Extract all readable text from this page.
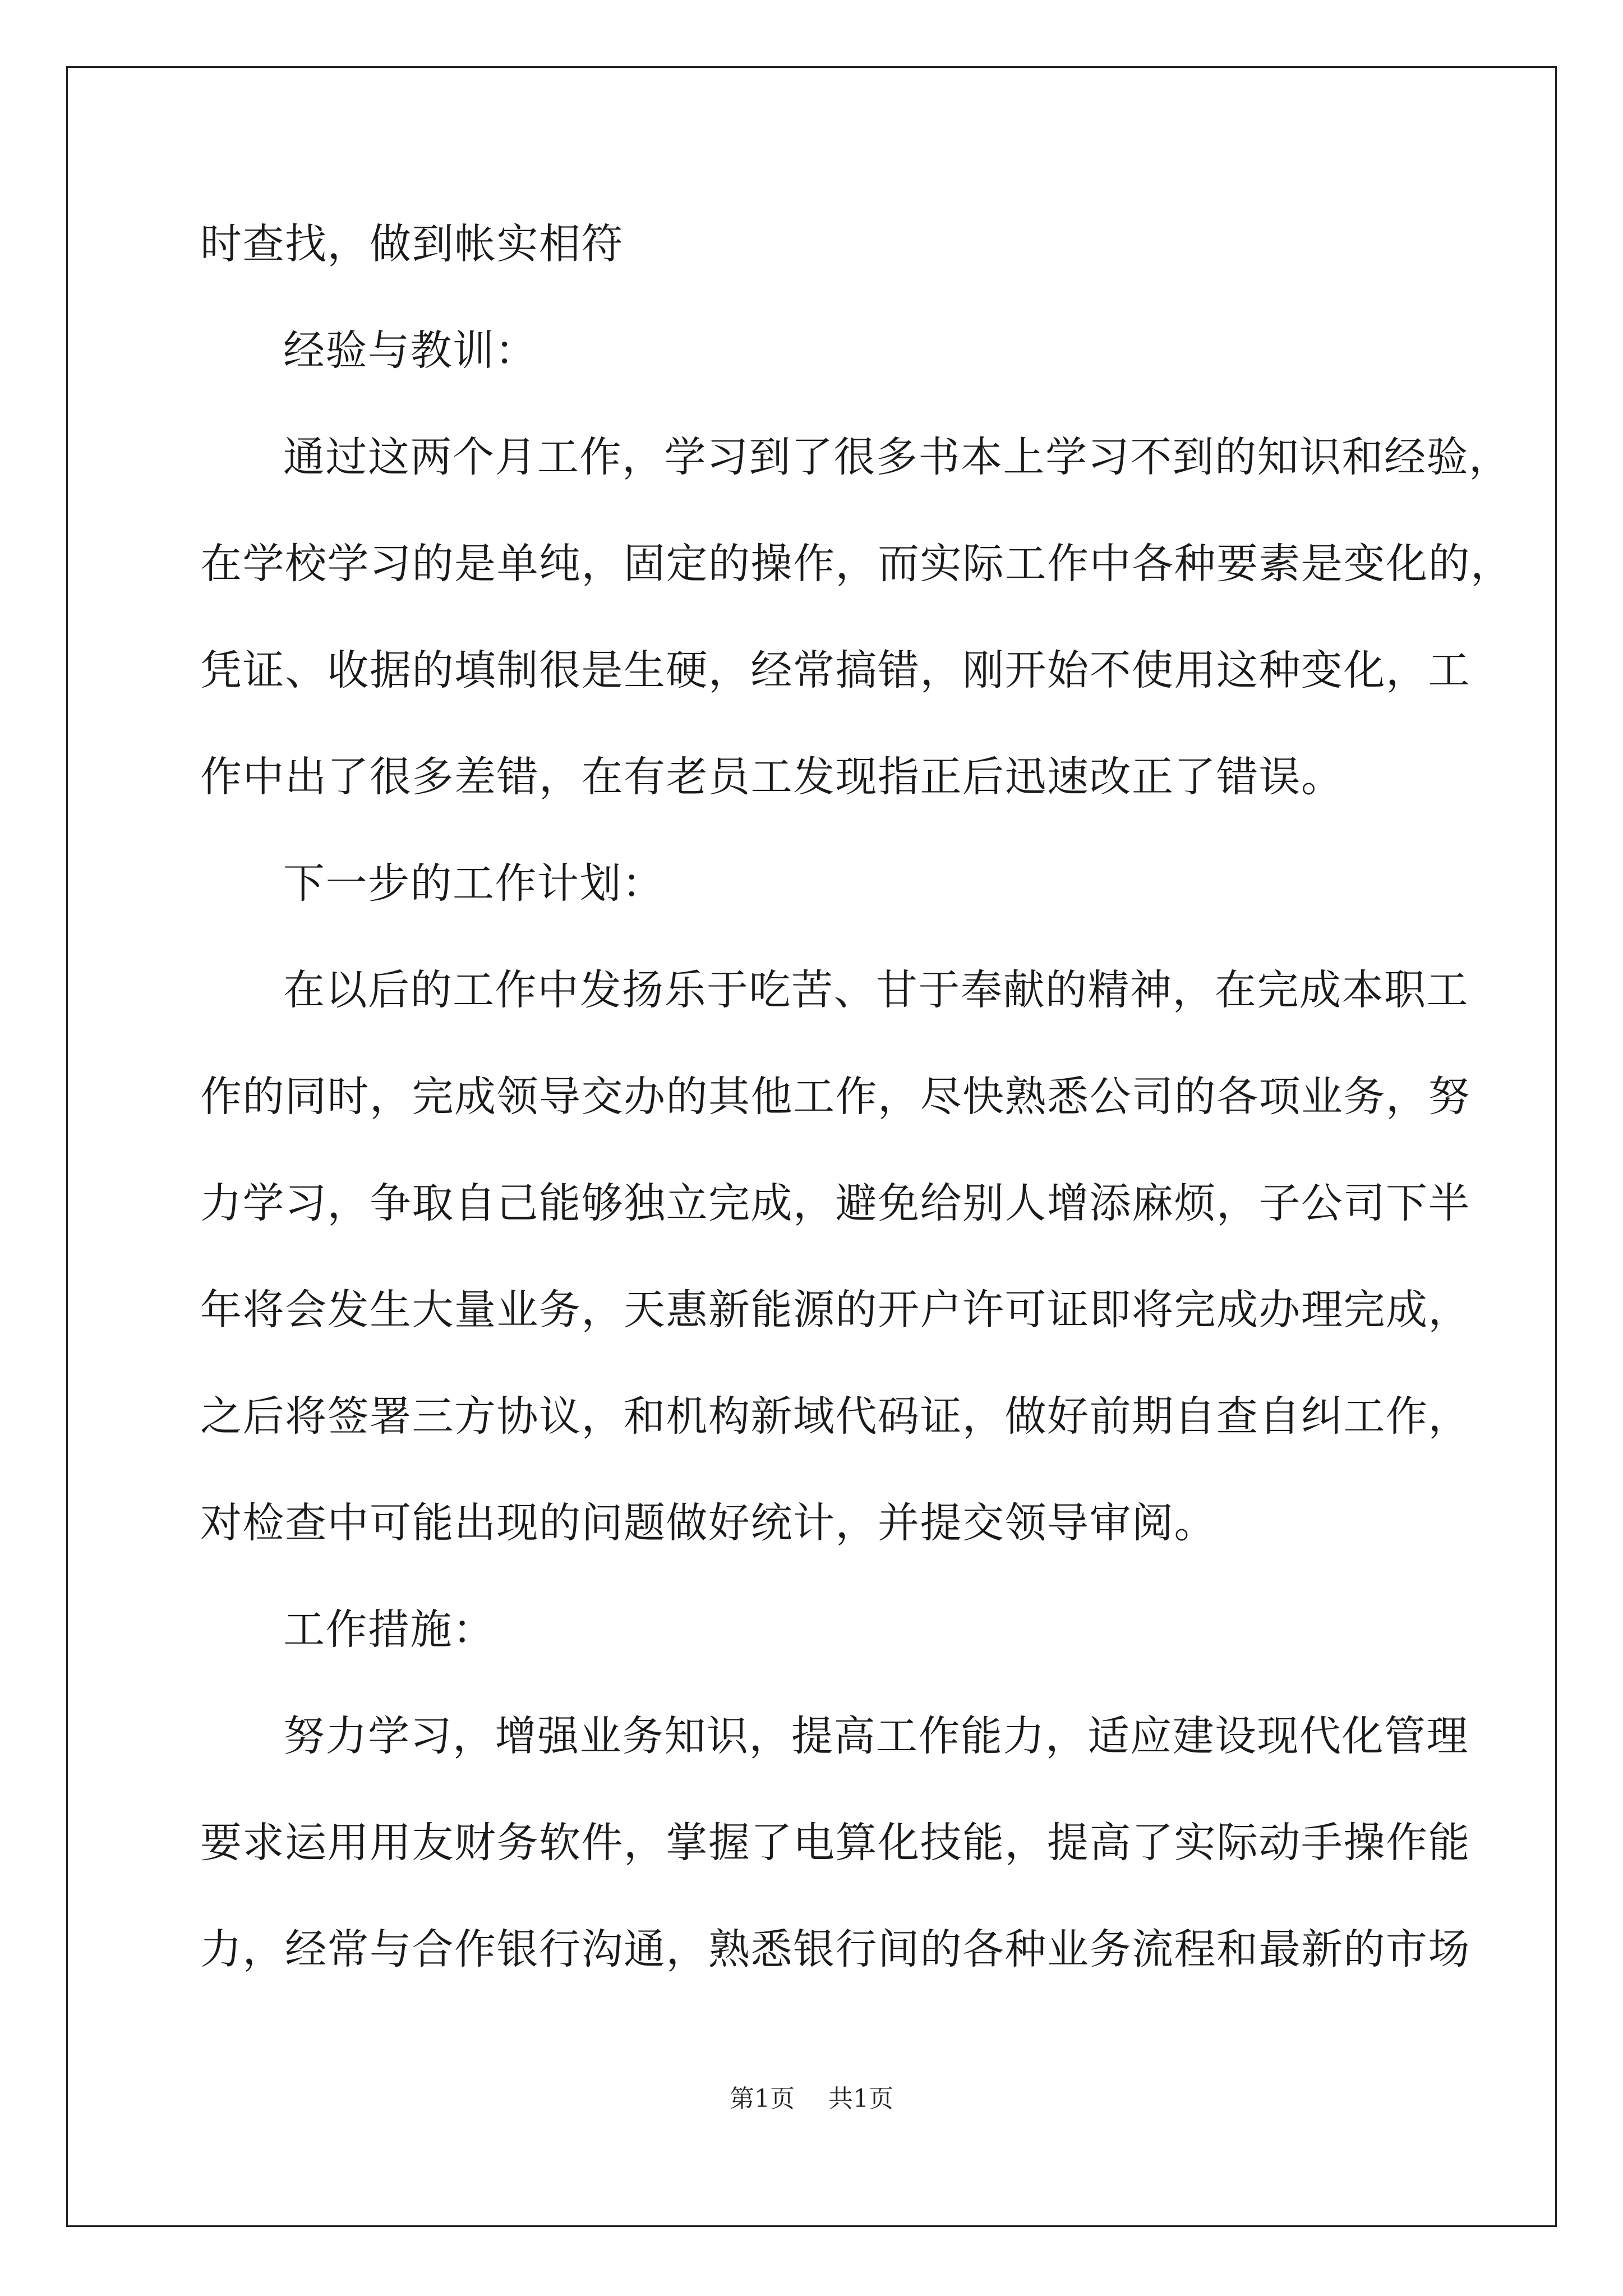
时查找，做到帐实相符
经验与教训：
通过这两个月工作，学习到了很多书本上学习不到的知识和经验，
在学校学习的是单纯，固定的操作，而实际工作中各种要素是变化的，
凭证、收据的填制很是生硬，经常搞错，刚开始不使用这种变化，工
作中出了很多差错，在有老员工发现指正后迅速改正了错误。
下一步的工作计划：
在以后的工作中发扬乐于吃苦、甘于奉献的精神，在完成本职工
作的同时，完成领导交办的其他工作，尽快熟悉公司的各项业务，努
力学习，争取自己能够独立完成，避免给别人增添麻烦，子公司下半
年将会发生大量业务，天惠新能源的开户许可证即将完成办理完成，
之后将签署三方协议，和机构新域代码证，做好前期自查自纠工作，
对检查中可能出现的问题做好统计，并提交领导审阅。
工作措施：
努力学习，增强业务知识，提高工作能力，适应建设现代化管理
要求运用用友财务软件，掌握了电算化技能，提高了实际动手操作能
力，经常与合作银行沟通，熟悉银行间的各种业务流程和最新的市场
第1页 共1页
